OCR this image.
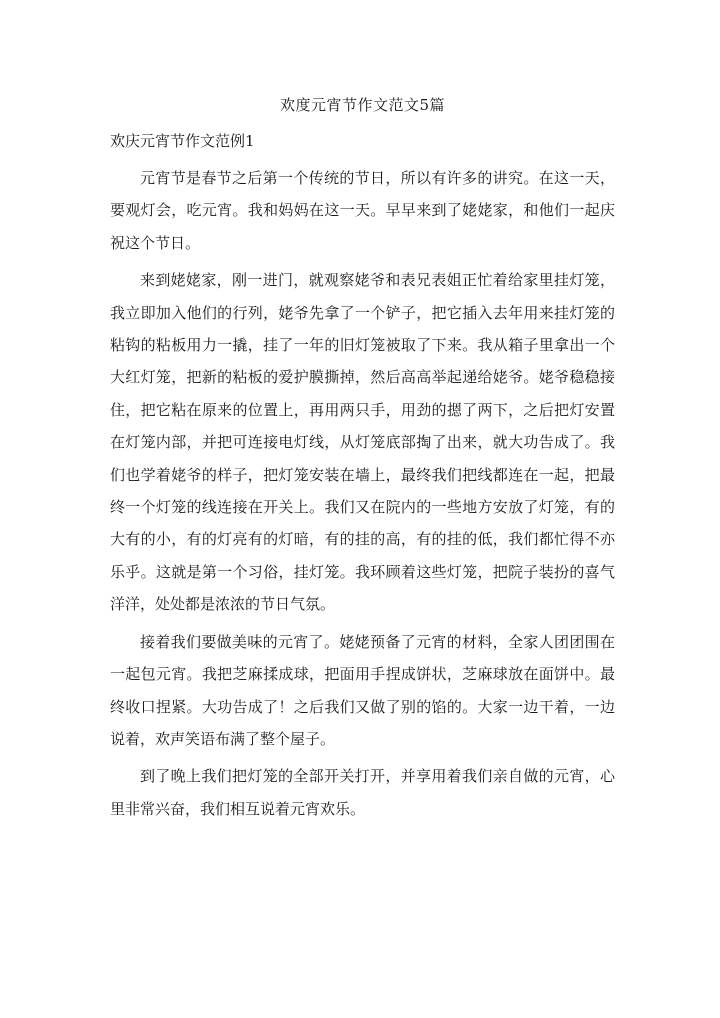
欢度元宵节作文范文5篇
欢庆元宵节作文范例1

元宵节是春节之后第一个传统的节日，所以有许多的讲究。在这一天，要观灯会，吃元宵。我和妈妈在这一天。早早来到了姥姥家，和他们一起庆祝这个节日。

来到姥姥家，刚一进门，就观察姥爷和表兄表姐正忙着给家里挂灯笼，我立即加入他们的行列，姥爷先拿了一个铲子，把它插入去年用来挂灯笼的粘钩的粘板用力一撬，挂了一年的旧灯笼被取了下来。我从箱子里拿出一个大红灯笼，把新的粘板的爱护膜撕掉，然后高高举起递给姥爷。姥爷稳稳接住，把它粘在原来的位置上，再用两只手，用劲的摁了两下，之后把灯安置在灯笼内部，并把可连接电灯线，从灯笼底部掏了出来，就大功告成了。我们也学着姥爷的样子，把灯笼安装在墙上，最终我们把线都连在一起，把最终一个灯笼的线连接在开关上。我们又在院内的一些地方安放了灯笼，有的大有的小，有的灯亮有的灯暗，有的挂的高，有的挂的低，我们都忙得不亦乐乎。这就是第一个习俗，挂灯笼。我环顾着这些灯笼，把院子装扮的喜气洋洋，处处都是浓浓的节日气氛。

接着我们要做美味的元宵了。姥姥预备了元宵的材料，全家人团团围在一起包元宵。我把芝麻揉成球，把面用手捏成饼状，芝麻球放在面饼中。最终收口捏紧。大功告成了！之后我们又做了别的馅的。大家一边干着，一边说着，欢声笑语布满了整个屋子。

到了晚上我们把灯笼的全部开关打开，并享用着我们亲自做的元宵，心里非常兴奋，我们相互说着元宵欢乐。
